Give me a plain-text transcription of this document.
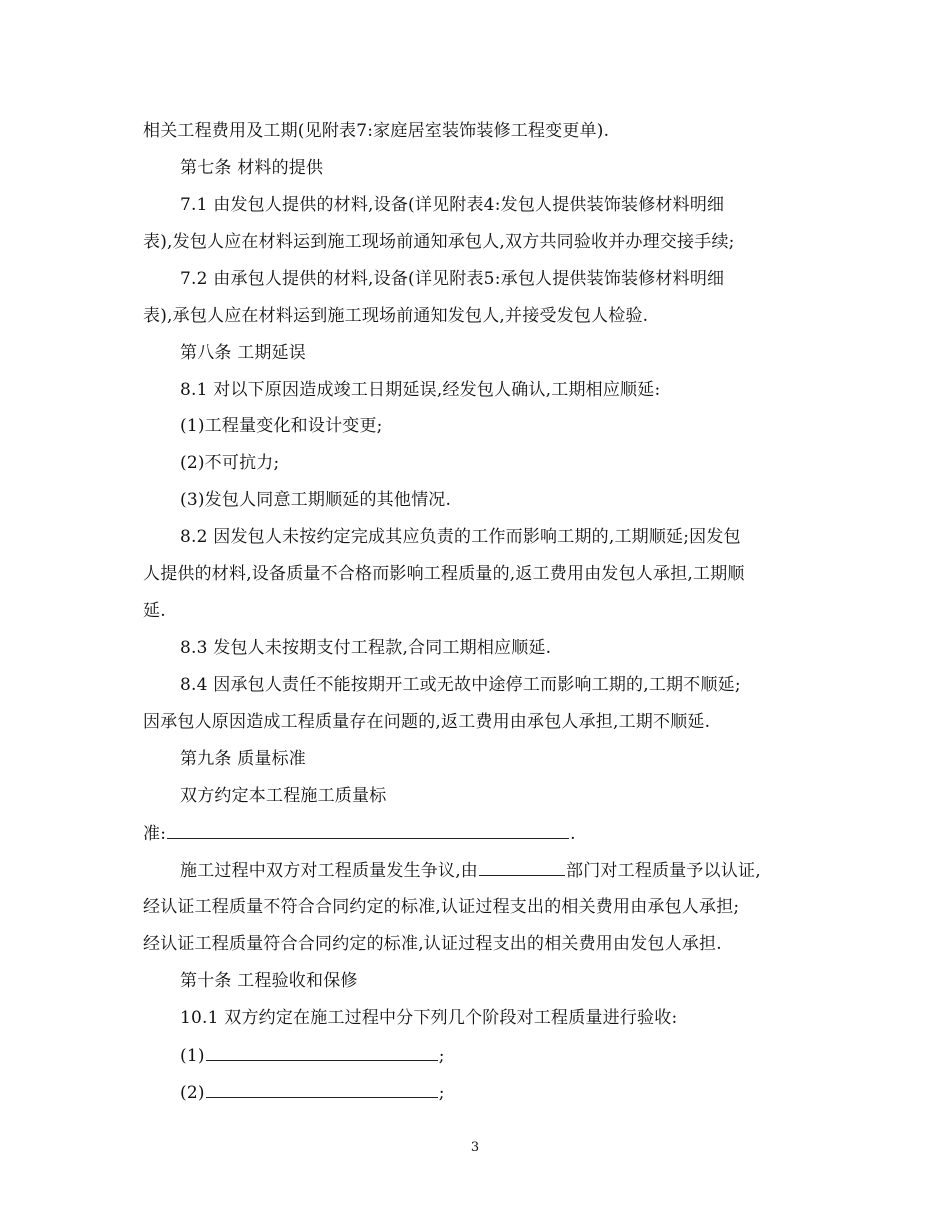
相关工程费用及工期(见附表7:家庭居室装饰装修工程变更单).
第七条 材料的提供
7.1 由发包人提供的材料,设备(详见附表4:发包人提供装饰装修材料明细
表),发包人应在材料运到施工现场前通知承包人,双方共同验收并办理交接手续;
7.2 由承包人提供的材料,设备(详见附表5:承包人提供装饰装修材料明细
表),承包人应在材料运到施工现场前通知发包人,并接受发包人检验.
第八条 工期延误
8.1 对以下原因造成竣工日期延误,经发包人确认,工期相应顺延:
(1)工程量变化和设计变更;
(2)不可抗力;
(3)发包人同意工期顺延的其他情况.
8.2 因发包人未按约定完成其应负责的工作而影响工期的,工期顺延;因发包
人提供的材料,设备质量不合格而影响工程质量的,返工费用由发包人承担,工期顺
延.
8.3 发包人未按期支付工程款,合同工期相应顺延.
8.4 因承包人责任不能按期开工或无故中途停工而影响工期的,工期不顺延;
因承包人原因造成工程质量存在问题的,返工费用由承包人承担,工期不顺延.
第九条 质量标准
双方约定本工程施工质量标
准:	.
施工过程中双方对工程质量发生争议,由	部门对工程质量予以认证,
经认证工程质量不符合合同约定的标准,认证过程支出的相关费用由承包人承担;
经认证工程质量符合合同约定的标准,认证过程支出的相关费用由发包人承担.
第十条 工程验收和保修
10.1 双方约定在施工过程中分下列几个阶段对工程质量进行验收:
(1)	;
(2)	;
3
